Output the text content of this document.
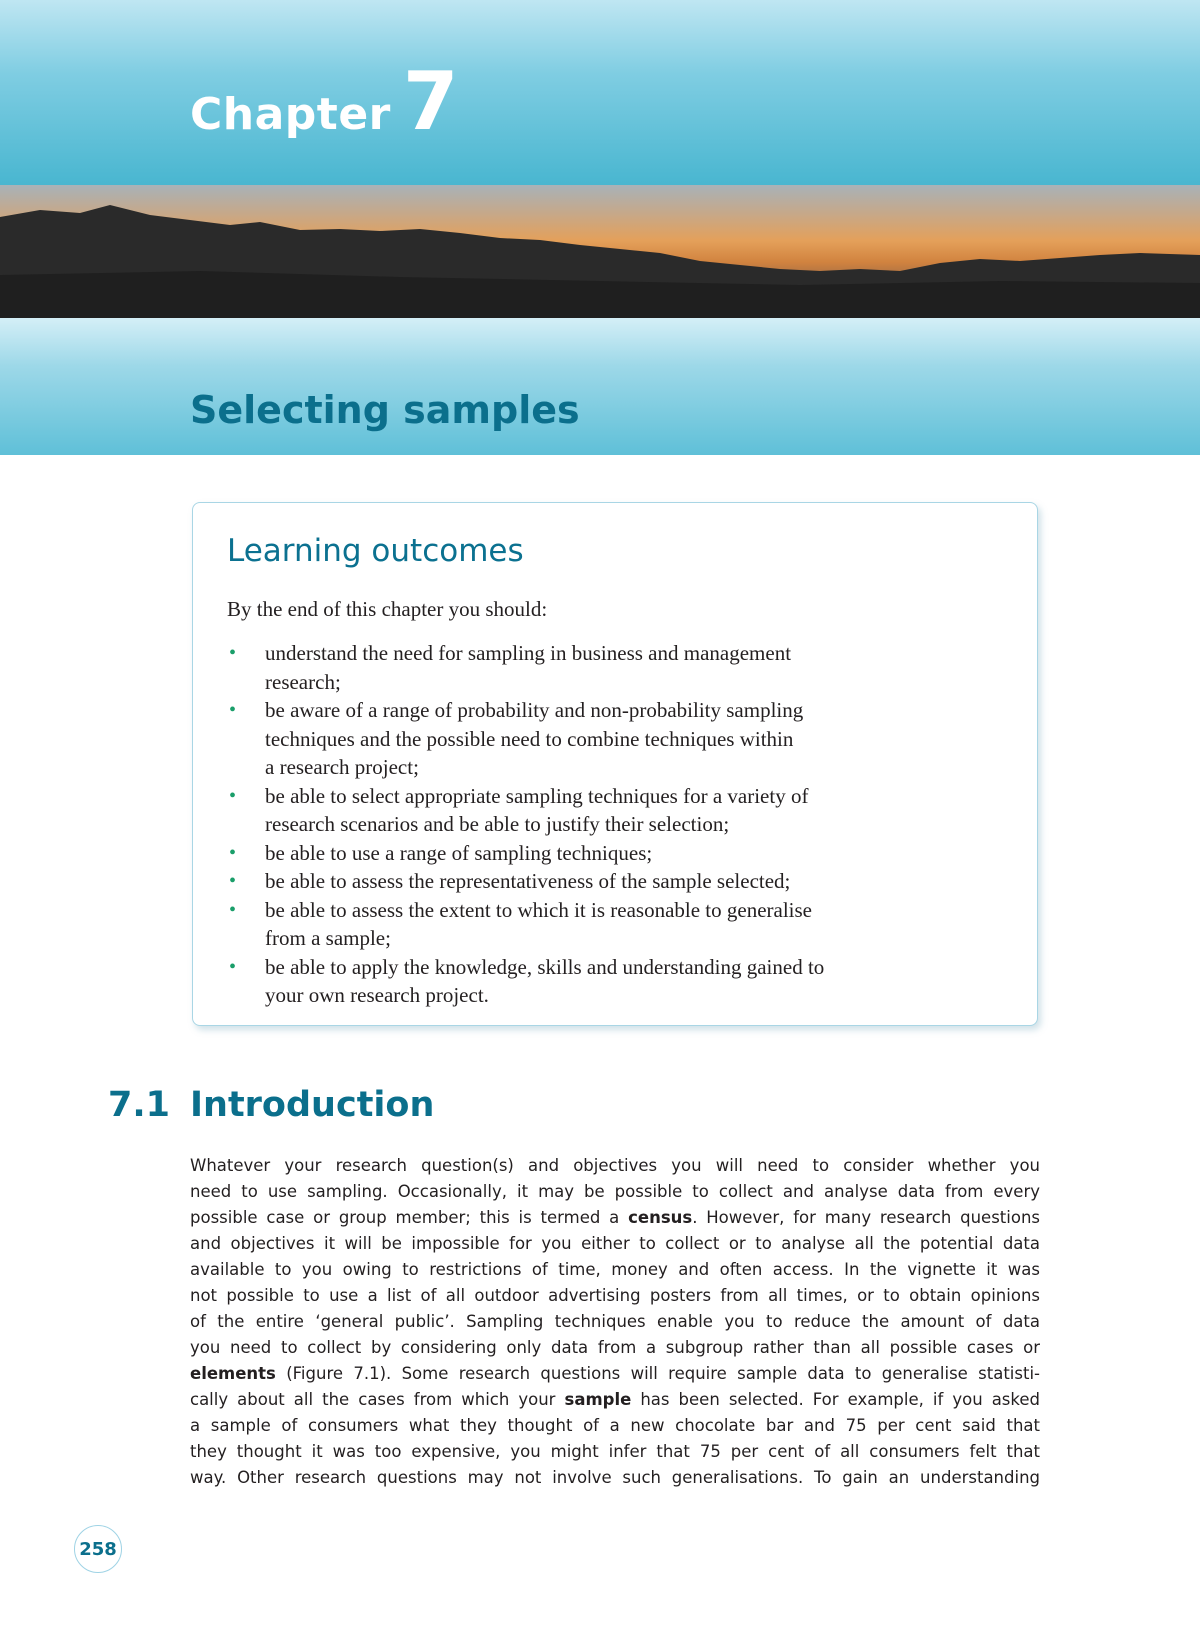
Chapter 7
Selecting samples
Learning outcomes
By the end of this chapter you should:
• understand the need for sampling in business and management
research;
• be aware of a range of probability and non-probability sampling
techniques and the possible need to combine techniques within
a research project;
• be able to select appropriate sampling techniques for a variety of
research scenarios and be able to justify their selection;
• be able to use a range of sampling techniques;
• be able to assess the representativeness of the sample selected;
• be able to assess the extent to which it is reasonable to generalise
from a sample;
• be able to apply the knowledge, skills and understanding gained to
your own research project.
7.1 Introduction
Whatever your research question(s) and objectives you will need to consider whether you
need to use sampling. Occasionally, it may be possible to collect and analyse data from every
possible case or group member; this is termed a census. However, for many research questions
and objectives it will be impossible for you either to collect or to analyse all the potential data
available to you owing to restrictions of time, money and often access. In the vignette it was
not possible to use a list of all outdoor advertising posters from all times, or to obtain opinions
of the entire ‘general public’. Sampling techniques enable you to reduce the amount of data
you need to collect by considering only data from a subgroup rather than all possible cases or
elements (Figure 7.1). Some research questions will require sample data to generalise statisti-
cally about all the cases from which your sample has been selected. For example, if you asked
a sample of consumers what they thought of a new chocolate bar and 75 per cent said that
they thought it was too expensive, you might infer that 75 per cent of all consumers felt that
way. Other research questions may not involve such generalisations. To gain an understanding
258
